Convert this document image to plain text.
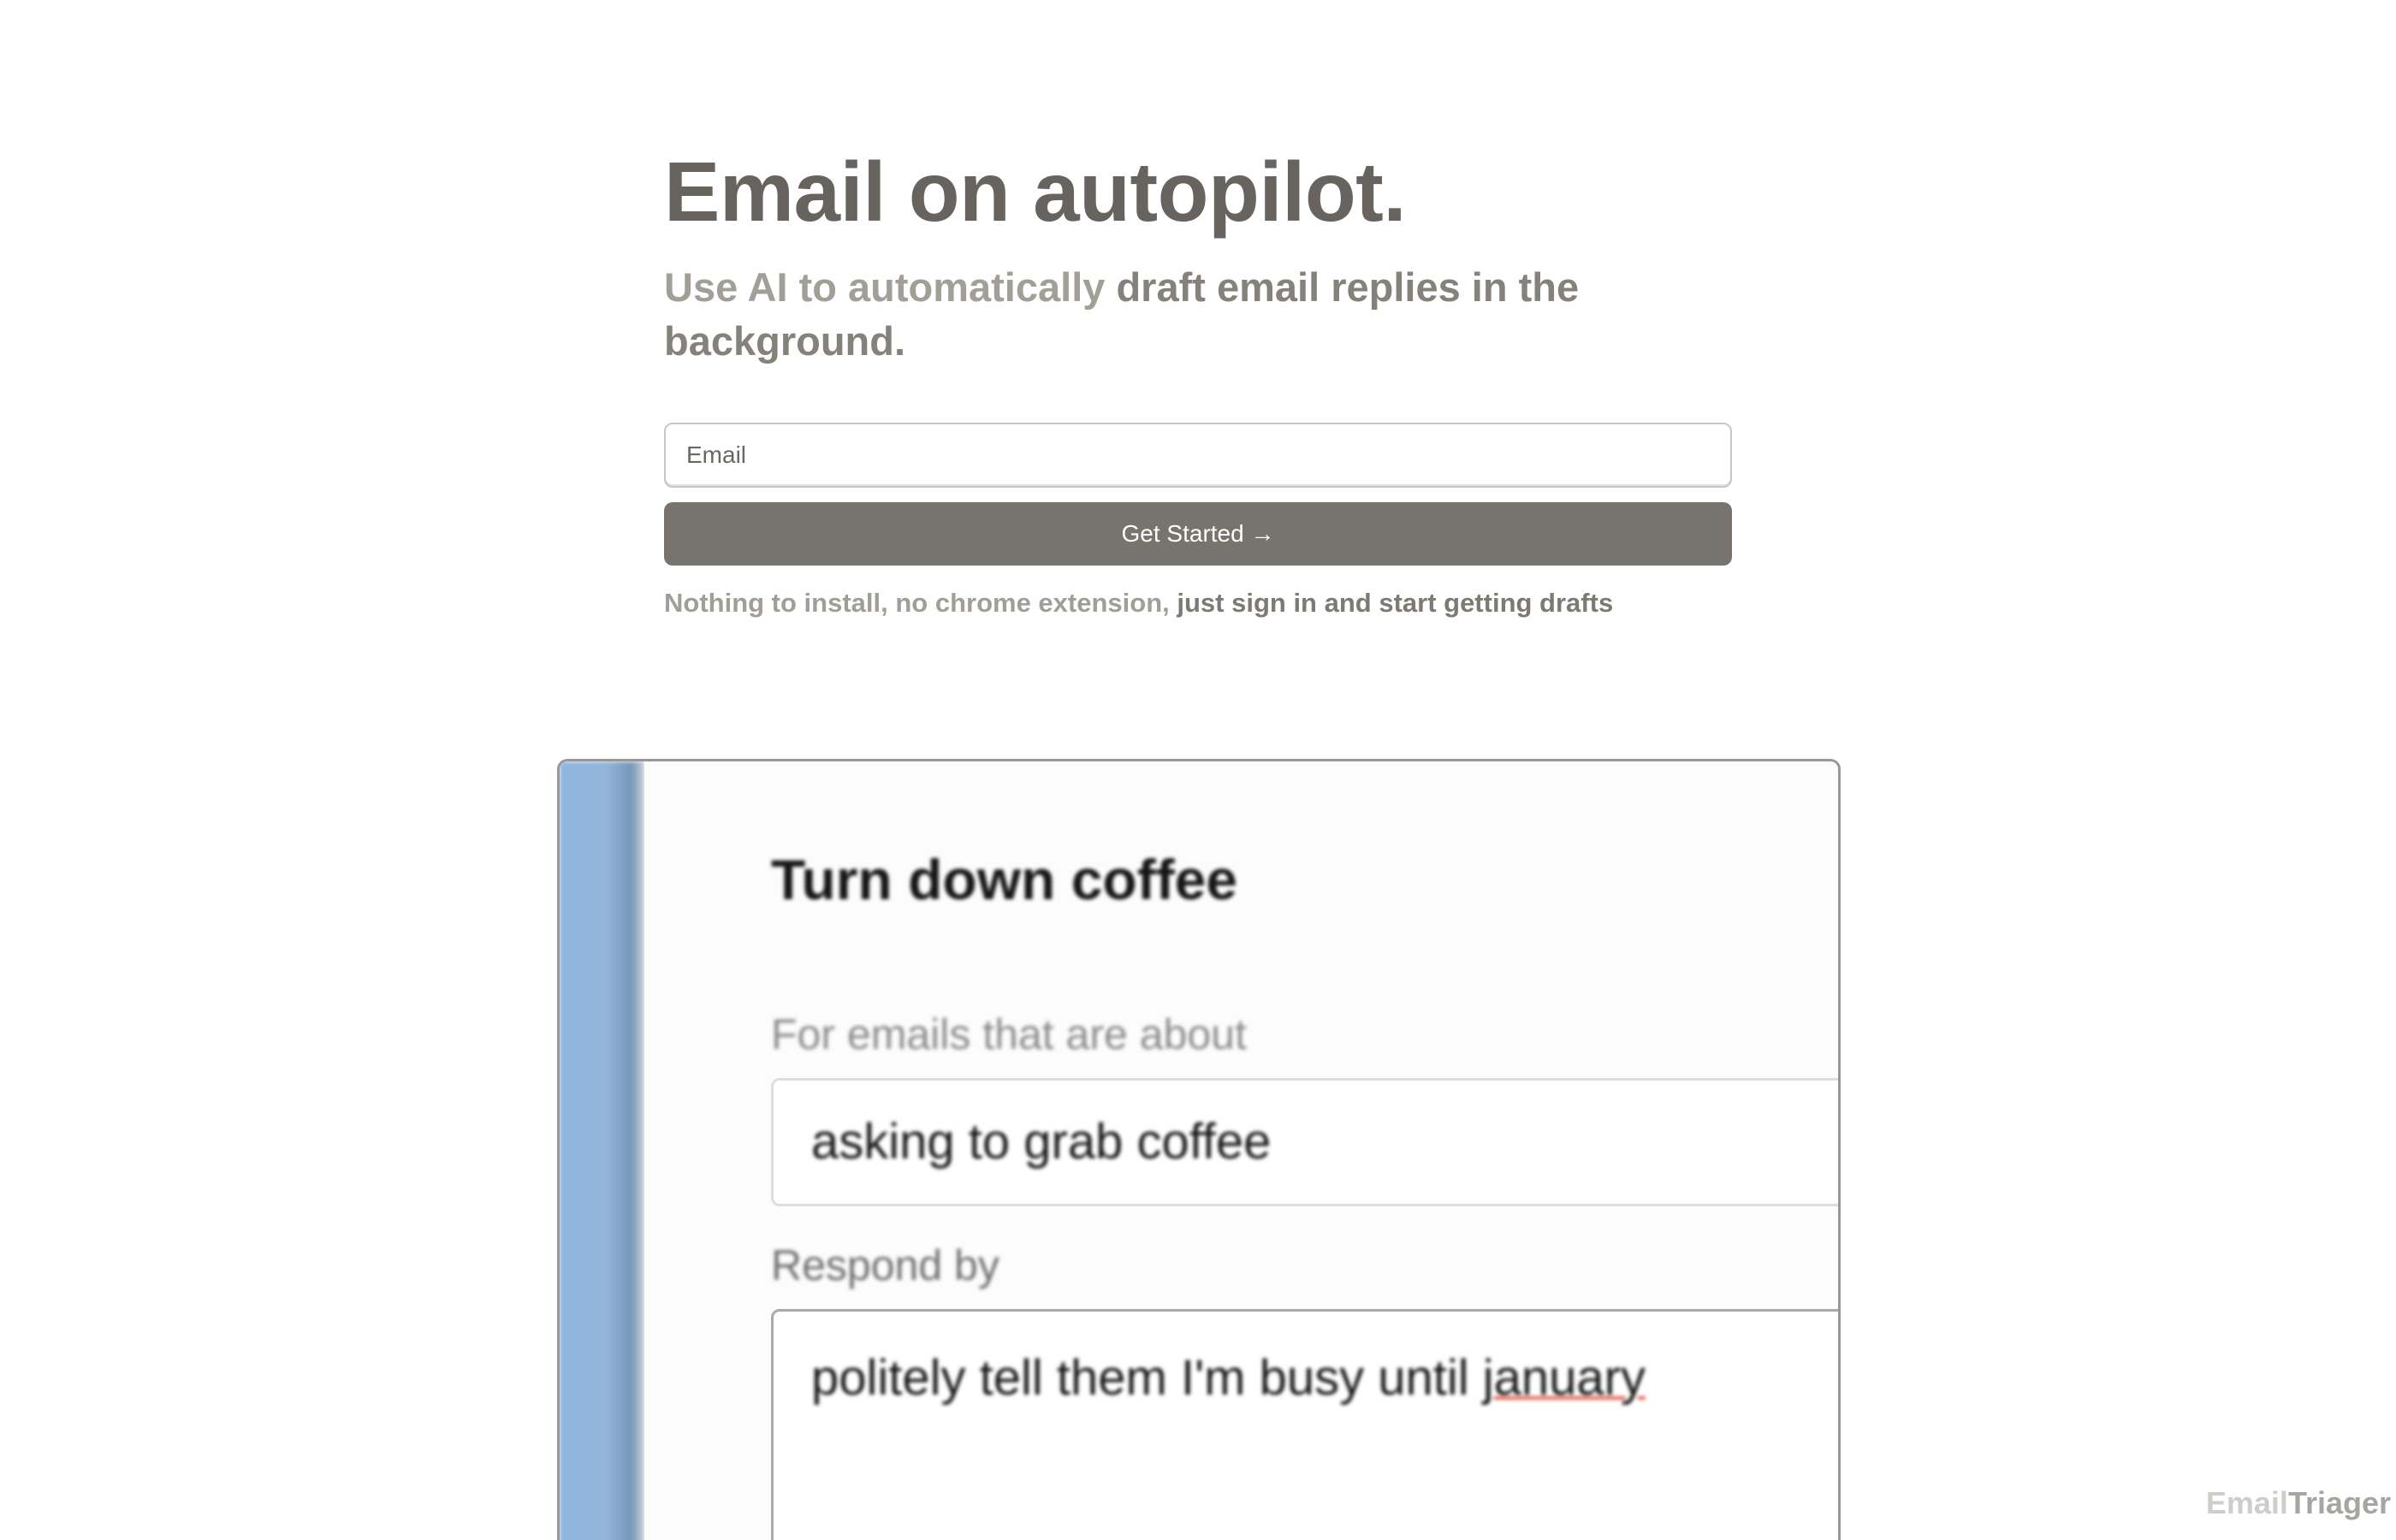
Email on autopilot.

Use AI to automatically draft email replies in the background.

Email
Get Started →

Nothing to install, no chrome extension, just sign in and start getting drafts

Turn down coffee
For emails that are about
asking to grab coffee
Respond by
politely tell them I'm busy until january
EmailTriager
